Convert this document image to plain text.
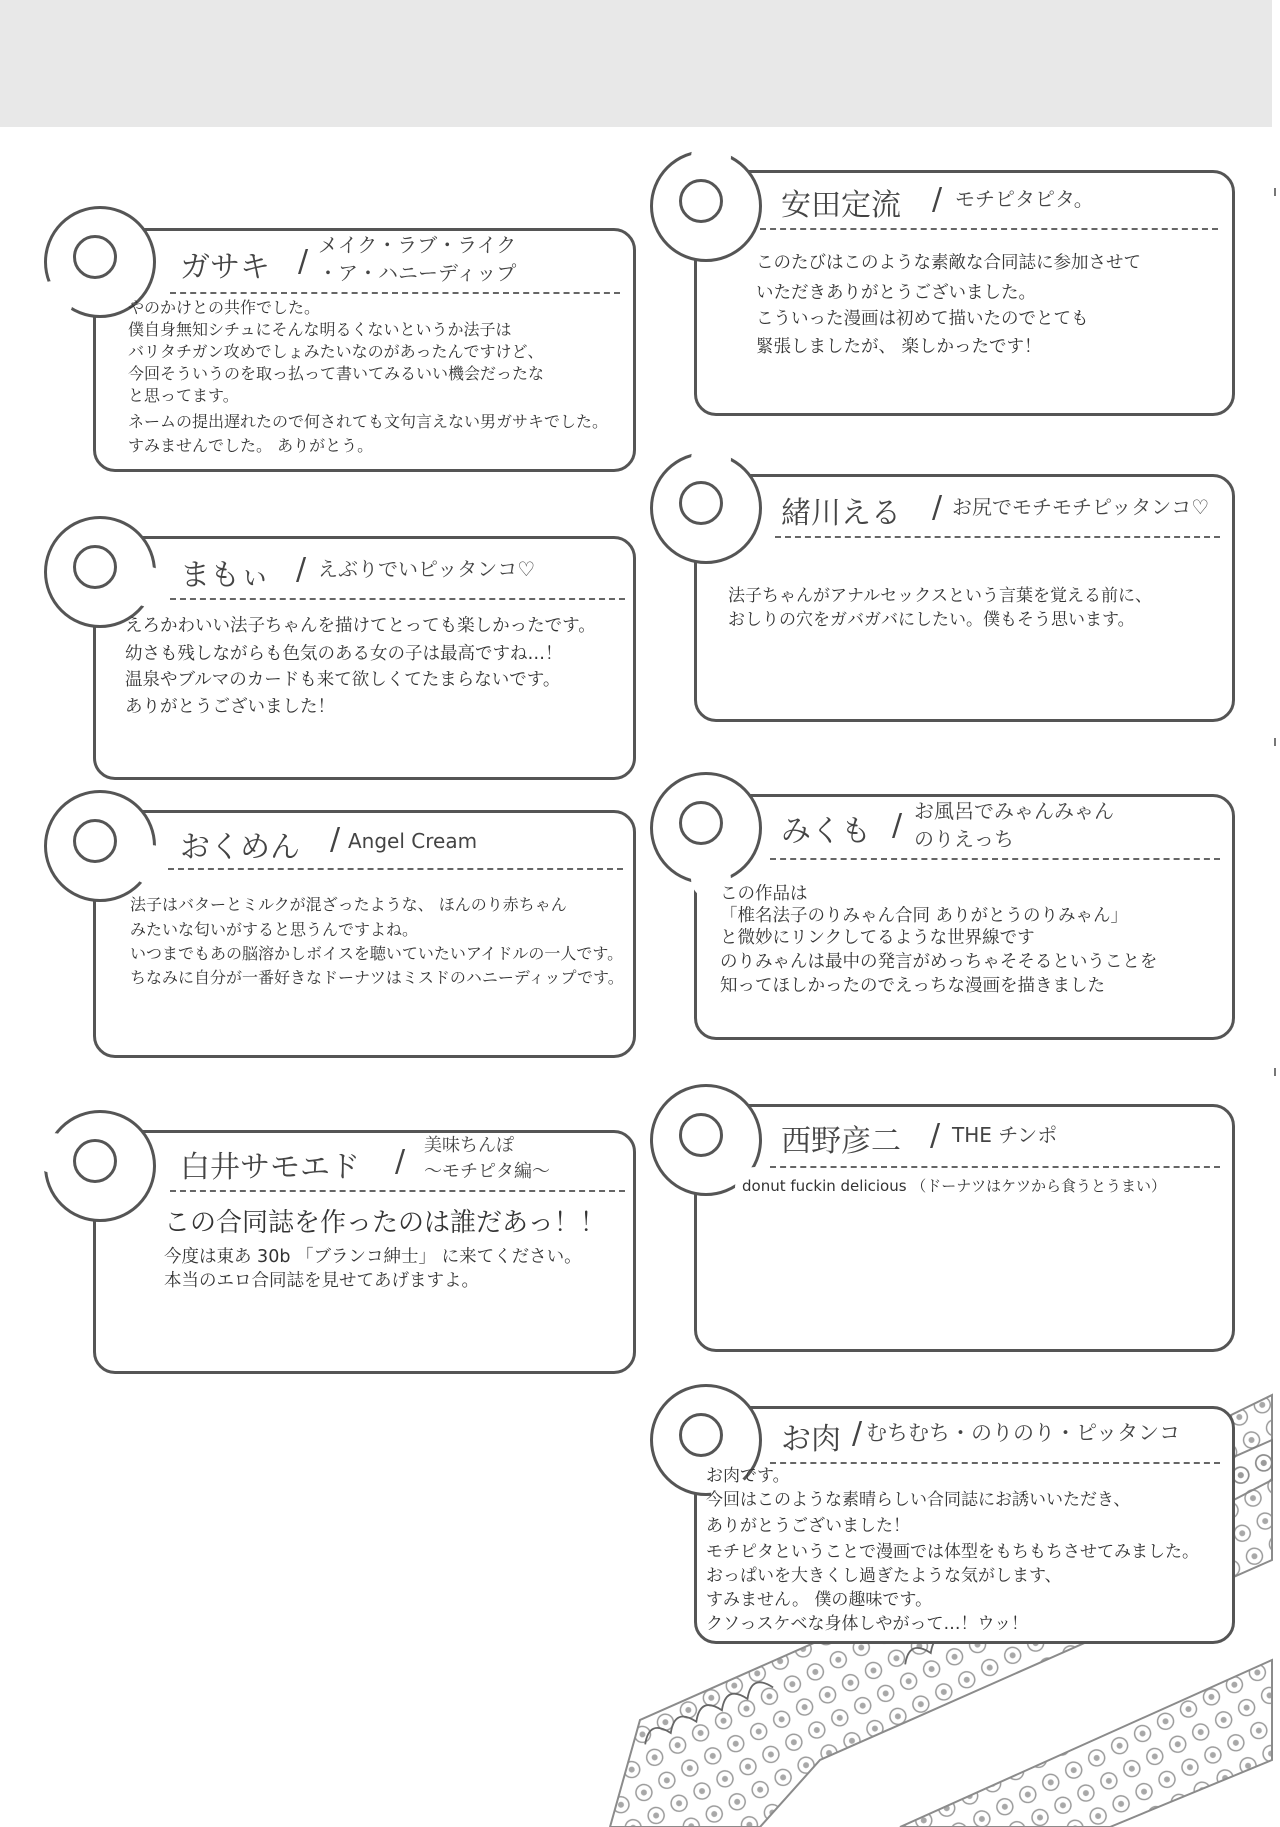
ガサキ / メイク・ラブ・ライク
・ア・ハニーディップ
やのかけとの共作でした。
僕自身無知シチュにそんな明るくないというか法子は
バリタチガン攻めでしょみたいなのがあったんですけど、
今回そういうのを取っ払って書いてみるいい機会だったな
と思ってます。
ネームの提出遅れたので何されても文句言えない男ガサキでした。
すみませんでした。 ありがとう。
安田定流 / モチピタピタ。
このたびはこのような素敵な合同誌に参加させて
いただきありがとうございました。
こういった漫画は初めて描いたのでとても
緊張しましたが、 楽しかったです！
緒川える / お尻でモチモチピッタンコ♡
法子ちゃんがアナルセックスという言葉を覚える前に、
おしりの穴をガバガバにしたい。僕もそう思います。
まもぃ / えぶりでいピッタンコ♡
えろかわいい法子ちゃんを描けてとっても楽しかったです。
幼さも残しながらも色気のある女の子は最高ですね…！
温泉やブルマのカードも来て欲しくてたまらないです。
ありがとうございました！
おくめん / Angel Cream
法子はバターとミルクが混ざったような、 ほんのり赤ちゃん
みたいな匂いがすると思うんですよね。
いつまでもあの脳溶かしボイスを聴いていたいアイドルの一人です。
ちなみに自分が一番好きなドーナツはミスドのハニーディップです。
みくも / お風呂でみゃんみゃん
のりえっち
この作品は
「椎名法子のりみゃん合同 ありがとうのりみゃん」
と微妙にリンクしてるような世界線です
のりみゃんは最中の発言がめっちゃそそるということを
知ってほしかったのでえっちな漫画を描きました
白井サモエド / 美味ちんぽ
～モチピタ編～
この合同誌を作ったのは誰だあっ！！
今度は東あ 30b 「ブランコ紳士」 に来てください。
本当のエロ合同誌を見せてあげますよ。
西野彦二 / THE チンポ
donut fuckin delicious （ドーナツはケツから食うとうまい）
お肉 / むちむち・のりのり・ピッタンコ
お肉です。
今回はこのような素晴らしい合同誌にお誘いいただき、
ありがとうございました！
モチピタということで漫画では体型をもちもちさせてみました。
おっぱいを大きくし過ぎたような気がします、
すみません。 僕の趣味です。
クソっスケベな身体しやがって…！ウッ！
